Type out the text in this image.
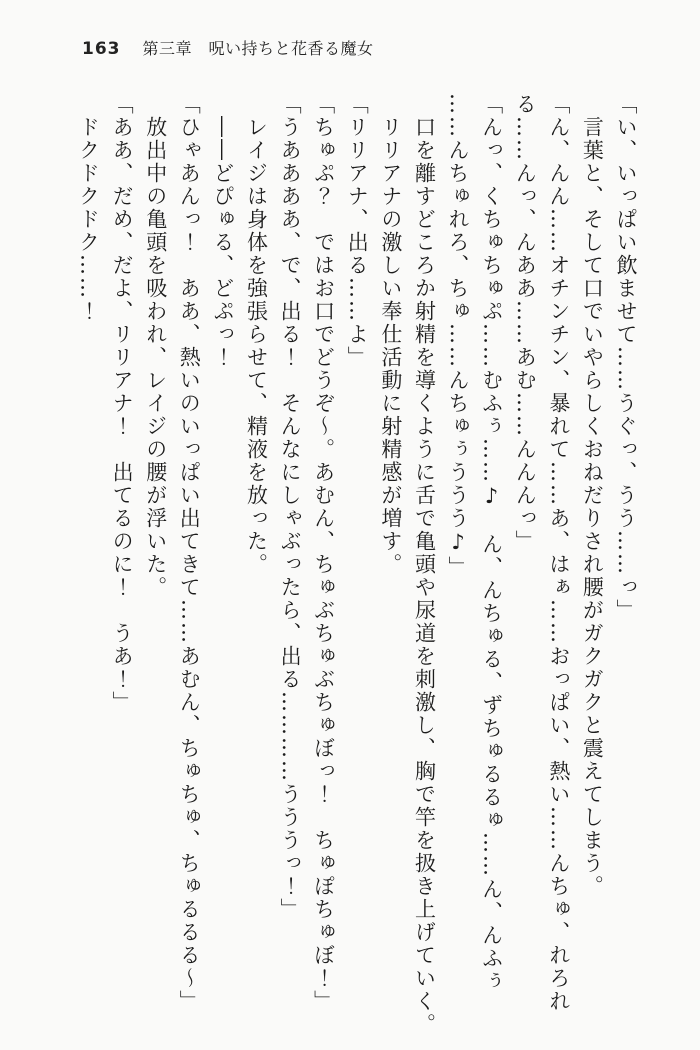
163 第三章　呪い持ちと花香る魔女
「い、いっぱい飲ませて……うぐっ、うう……っ」
　言葉と、そして口でいやらしくおねだりされ腰がガクガクと震えてしまう。
「ん、んん……オチンチン、暴れて……あ、はぁ……おっぱい、熱い……んちゅ、れろれ
る……んっ、んああ……あむ……んんんっ」
「んっ、くちゅちゅぷ……むふぅ……♪　ん、んちゅる、ずちゅるるゅ……ん、んふぅ
……んちゅれろ、ちゅ……んちゅぅううう♪」
　口を離すどころか射精を導くように舌で亀頭や尿道を刺激し、胸で竿を扱き上げていく。
　リリアナの激しい奉仕活動に射精感が増す。
「リリアナ、出る……よ」
「ちゅぷ？　ではお口でどうぞ～。あむん、ちゅぶちゅぶちゅぼっ！　ちゅぽちゅぼ！」
「うああああ、で、出る！　そんなにしゃぶったら、出る…………うううっ！」
　レイジは身体を強張らせて、精液を放った。
　――どぴゅる、どぷっ！
「ひゃあんっ！　ああ、熱いのいっぱい出てきて……あむん、ちゅちゅ、ちゅるるる～」
　放出中の亀頭を吸われ、レイジの腰が浮いた。
「ああ、だめ、だよ、リリアナ！　出てるのに！　うあ！」
　ドクドクドク……！
